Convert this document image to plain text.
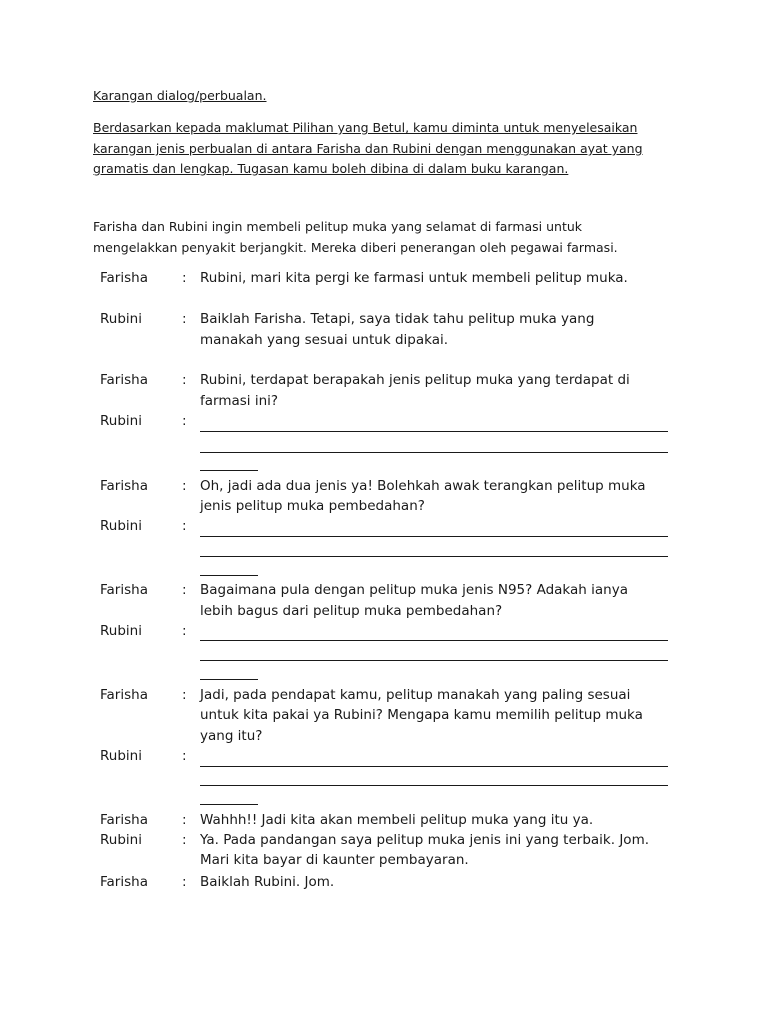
Karangan dialog/perbualan.
Berdasarkan kepada maklumat Pilihan yang Betul, kamu diminta untuk menyelesaikan
karangan jenis perbualan di antara Farisha dan Rubini dengan menggunakan ayat yang
gramatis dan lengkap. Tugasan kamu boleh dibina di dalam buku karangan.
Farisha dan Rubini ingin membeli pelitup muka yang selamat di farmasi untuk
mengelakkan penyakit berjangkit. Mereka diberi penerangan oleh pegawai farmasi.
Farisha	: Rubini, mari kita pergi ke farmasi untuk membeli pelitup muka.
Rubini	: Baiklah Farisha. Tetapi, saya tidak tahu pelitup muka yang
manakah yang sesuai untuk dipakai.
Farisha	: Rubini, terdapat berapakah jenis pelitup muka yang terdapat di
farmasi ini?
Rubini	:
Farisha	: Oh, jadi ada dua jenis ya! Bolehkah awak terangkan pelitup muka
jenis pelitup muka pembedahan?
Rubini	:
Farisha	: Bagaimana pula dengan pelitup muka jenis N95? Adakah ianya
lebih bagus dari pelitup muka pembedahan?
Rubini	:
Farisha	: Jadi, pada pendapat kamu, pelitup manakah yang paling sesuai
untuk kita pakai ya Rubini? Mengapa kamu memilih pelitup muka
yang itu?
Rubini	:
Farisha	: Wahhh!! Jadi kita akan membeli pelitup muka yang itu ya.
Rubini	: Ya. Pada pandangan saya pelitup muka jenis ini yang terbaik. Jom.
Mari kita bayar di kaunter pembayaran.
Farisha	: Baiklah Rubini. Jom.
